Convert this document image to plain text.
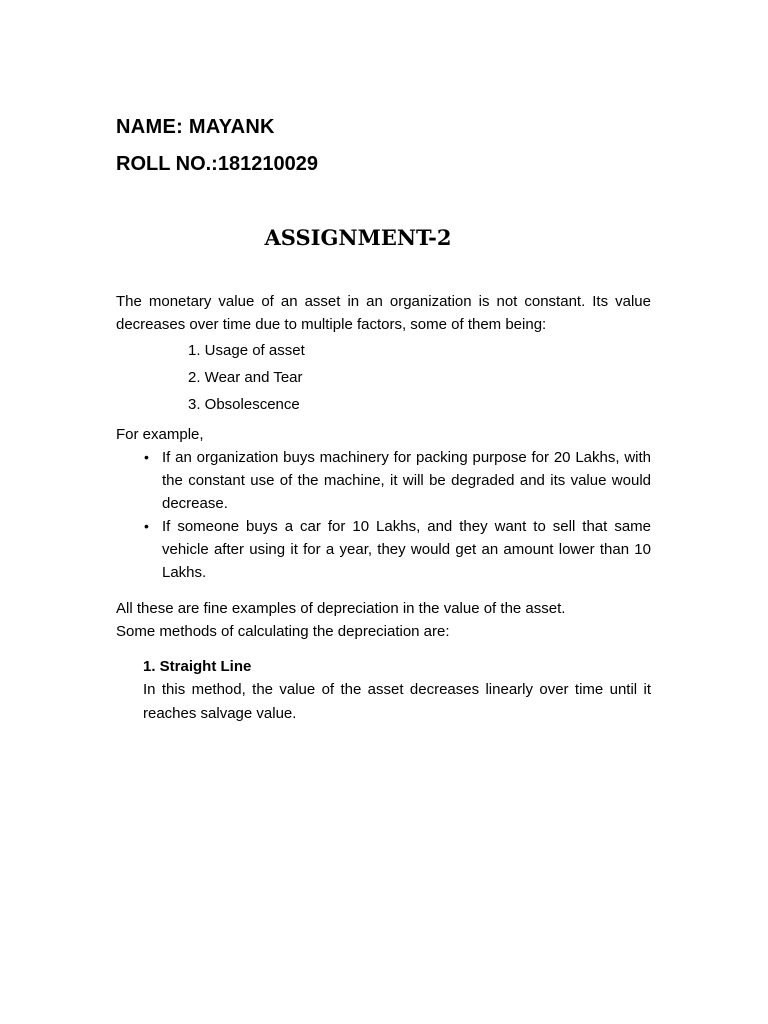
NAME: MAYANK
ROLL NO.:181210029
ASSIGNMENT-2
The monetary value of an asset in an organization is not constant. Its value decreases over time due to multiple factors, some of them being:
1. Usage of asset
2. Wear and Tear
3. Obsolescence
For example,
• If an organization buys machinery for packing purpose for 20 Lakhs, with the constant use of the machine, it will be degraded and its value would decrease.
• If someone buys a car for 10 Lakhs, and they want to sell that same vehicle after using it for a year, they would get an amount lower than 10 Lakhs.
All these are fine examples of depreciation in the value of the asset.
Some methods of calculating the depreciation are:
1. Straight Line
In this method, the value of the asset decreases linearly over time until it reaches salvage value.
